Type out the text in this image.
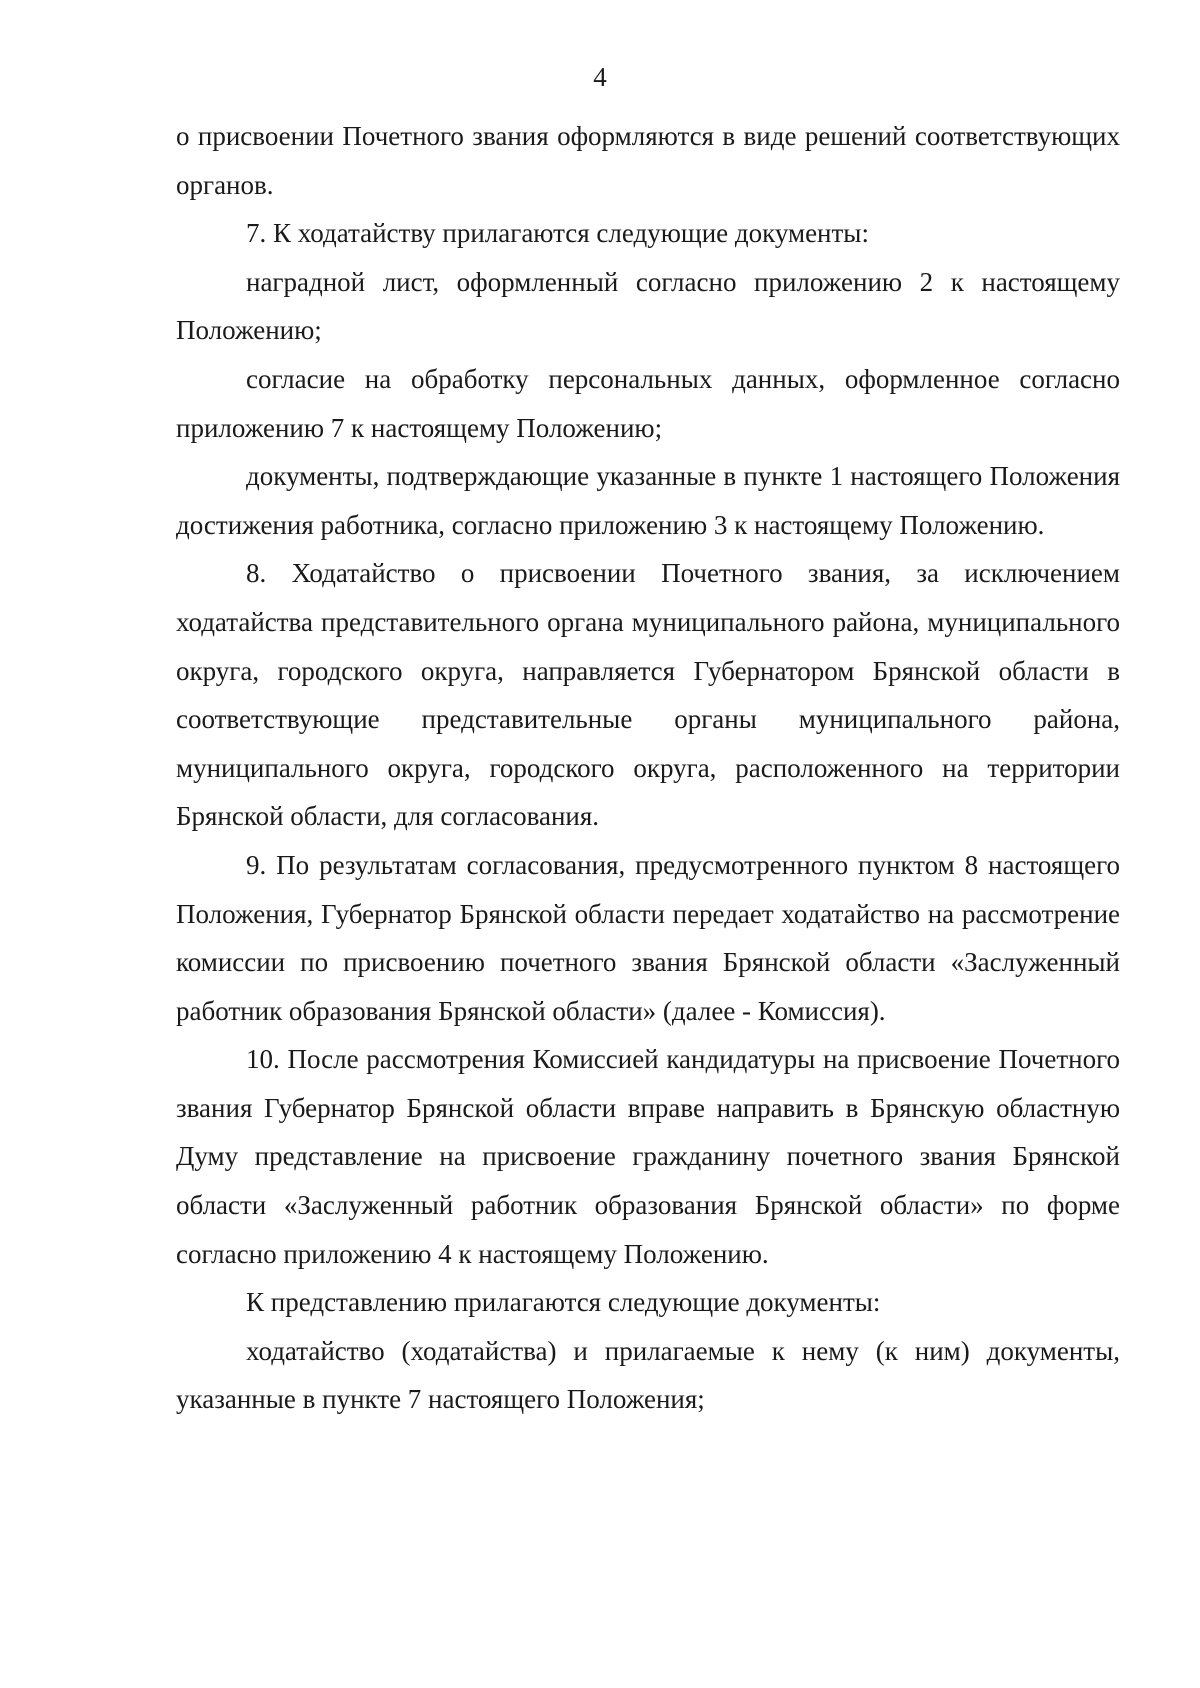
4

о присвоении Почетного звания оформляются в виде решений соответствующих органов.

7. К ходатайству прилагаются следующие документы:

наградной лист, оформленный согласно приложению 2 к настоящему Положению;

согласие на обработку персональных данных, оформленное согласно приложению 7 к настоящему Положению;

документы, подтверждающие указанные в пункте 1 настоящего Положения достижения работника, согласно приложению 3 к настоящему Положению.

8. Ходатайство о присвоении Почетного звания, за исключением ходатайства представительного органа муниципального района, муниципального округа, городского округа, направляется Губернатором Брянской области в соответствующие представительные органы муниципального района, муниципального округа, городского округа, расположенного на территории Брянской области, для согласования.

9. По результатам согласования, предусмотренного пунктом 8 настоящего Положения, Губернатор Брянской области передает ходатайство на рассмотрение комиссии по присвоению почетного звания Брянской области «Заслуженный работник образования Брянской области» (далее - Комиссия).

10. После рассмотрения Комиссией кандидатуры на присвоение Почетного звания Губернатор Брянской области вправе направить в Брянскую областную Думу представление на присвоение гражданину почетного звания Брянской области «Заслуженный работник образования Брянской области» по форме согласно приложению 4 к настоящему Положению.

К представлению прилагаются следующие документы:

ходатайство (ходатайства) и прилагаемые к нему (к ним) документы, указанные в пункте 7 настоящего Положения;
